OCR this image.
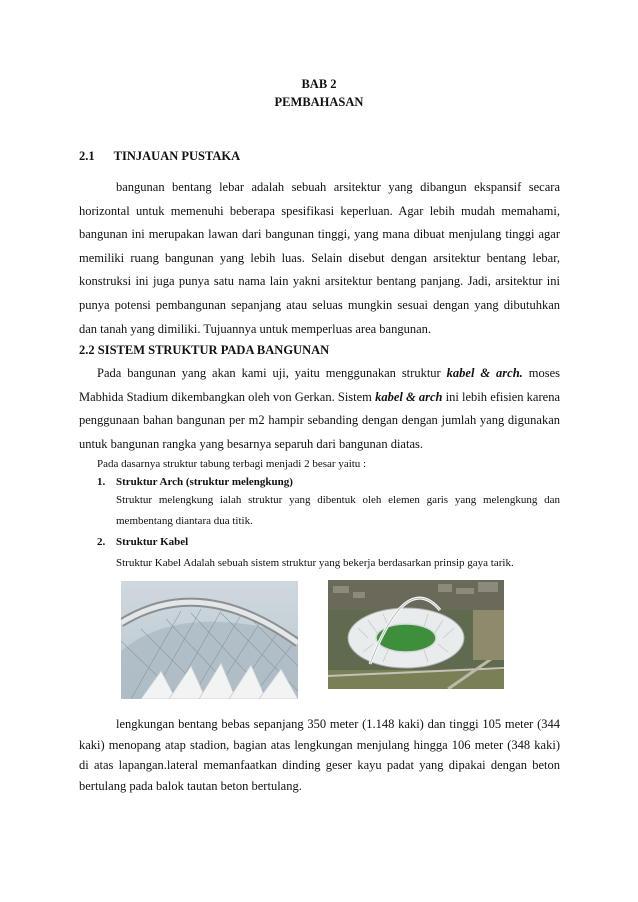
BAB 2
PEMBAHASAN
2.1 TINJAUAN PUSTAKA

bangunan bentang lebar adalah sebuah arsitektur yang dibangun ekspansif secara horizontal untuk memenuhi beberapa spesifikasi keperluan. Agar lebih mudah memahami, bangunan ini merupakan lawan dari bangunan tinggi, yang mana dibuat menjulang tinggi agar memiliki ruang bangunan yang lebih luas. Selain disebut dengan arsitektur bentang lebar, konstruksi ini juga punya satu nama lain yakni arsitektur bentang panjang. Jadi, arsitektur ini punya potensi pembangunan sepanjang atau seluas mungkin sesuai dengan yang dibutuhkan dan tanah yang dimiliki. Tujuannya untuk memperluas area bangunan.

2.2 SISTEM STRUKTUR PADA BANGUNAN

Pada bangunan yang akan kami uji, yaitu menggunakan struktur kabel & arch. moses Mabhida Stadium dikembangkan oleh von Gerkan. Sistem kabel & arch ini lebih efisien karena penggunaan bahan bangunan per m2 hampir sebanding dengan dengan jumlah yang digunakan untuk bangunan rangka yang besarnya separuh dari bangunan diatas.

Pada dasarnya struktur tabung terbagi menjadi 2 besar yaitu :

1. Struktur Arch (struktur melengkung)

Struktur melengkung ialah struktur yang dibentuk oleh elemen garis yang melengkung dan membentang diantara dua titik.

2. Struktur Kabel

Struktur Kabel Adalah sebuah sistem struktur yang bekerja berdasarkan prinsip gaya tarik.

lengkungan bentang bebas sepanjang 350 meter (1.148 kaki) dan tinggi 105 meter (344 kaki) menopang atap stadion, bagian atas lengkungan menjulang hingga 106 meter (348 kaki) di atas lapangan.lateral memanfaatkan dinding geser kayu padat yang dipakai dengan beton bertulang pada balok tautan beton bertulang.
